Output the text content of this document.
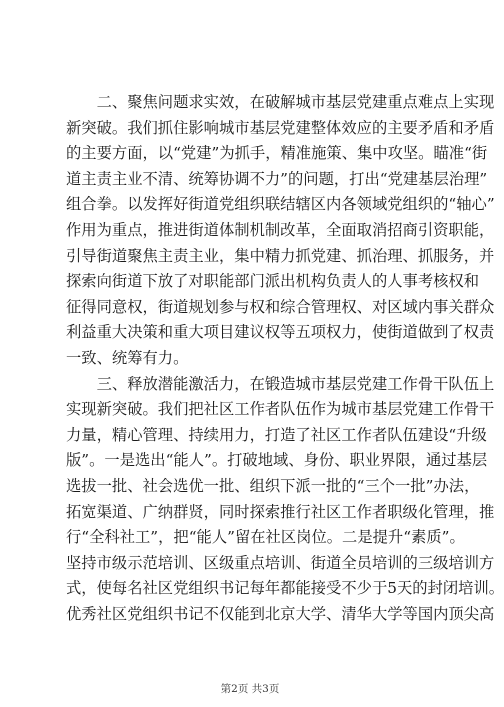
　　二、聚焦问题求实效，在破解城市基层党建重点难点上实现
新突破。我们抓住影响城市基层党建整体效应的主要矛盾和矛盾
的主要方面，以“党建”为抓手，精准施策、集中攻坚。瞄准“街
道主责主业不清、统筹协调不力”的问题，打出“党建基层治理”
组合拳。以发挥好街道党组织联结辖区内各领域党组织的“轴心”
作用为重点，推进街道体制机制改革，全面取消招商引资职能，
引导街道聚焦主责主业，集中精力抓党建、抓治理、抓服务，并
探索向街道下放了对职能部门派出机构负责人的人事考核权和
征得同意权，街道规划参与权和综合管理权、对区域内事关群众
利益重大决策和重大项目建议权等五项权力，使街道做到了权责
一致、统筹有力。
　　三、释放潜能激活力，在锻造城市基层党建工作骨干队伍上
实现新突破。我们把社区工作者队伍作为城市基层党建工作骨干
力量，精心管理、持续用力，打造了社区工作者队伍建设“升级
版”。一是选出“能人”。打破地域、身份、职业界限，通过基层
选拔一批、社会选优一批、组织下派一批的“三个一批”办法，
拓宽渠道、广纳群贤，同时探索推行社区工作者职级化管理，推
行“全科社工”，把“能人”留在社区岗位。二是提升“素质”。
坚持市级示范培训、区级重点培训、街道全员培训的三级培训方
式，使每名社区党组织书记每年都能接受不少于5天的封闭培训。
优秀社区党组织书记不仅能到北京大学、清华大学等国内顶尖高
第2页 共3页
